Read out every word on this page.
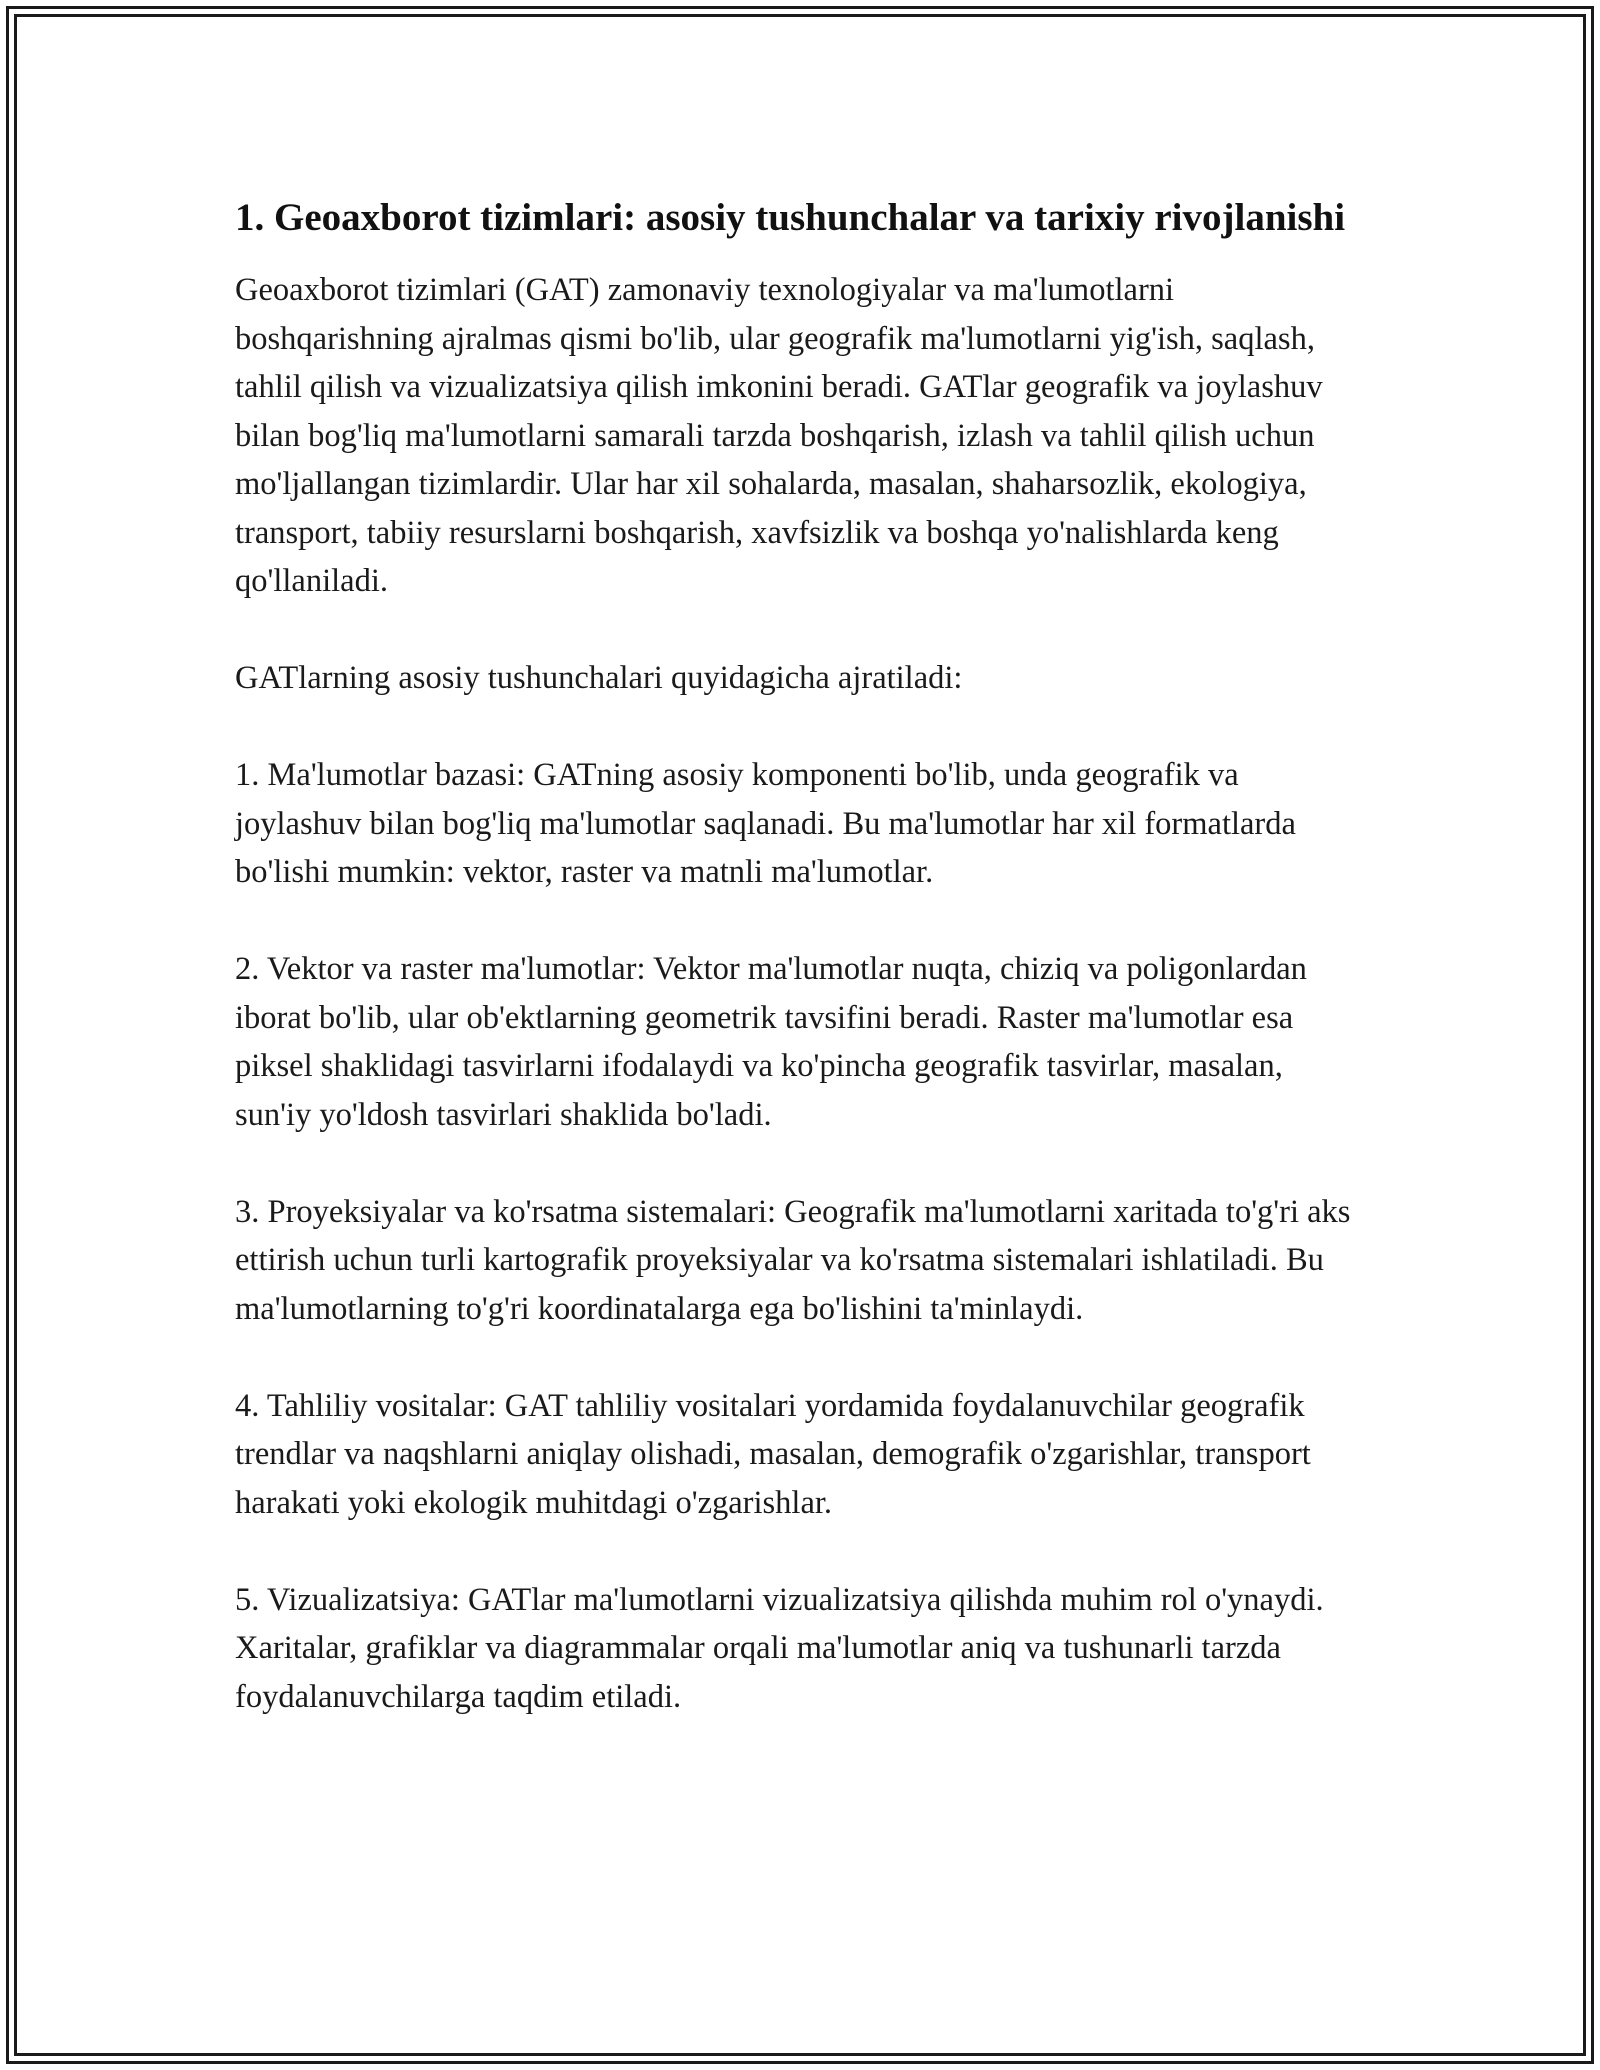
1. Geoaxborot tizimlari: asosiy tushunchalar va tarixiy rivojlanishi

Geoaxborot tizimlari (GAT) zamonaviy texnologiyalar va ma'lumotlarni boshqarishning ajralmas qismi bo'lib, ular geografik ma'lumotlarni yig'ish, saqlash, tahlil qilish va vizualizatsiya qilish imkonini beradi. GATlar geografik va joylashuv bilan bog'liq ma'lumotlarni samarali tarzda boshqarish, izlash va tahlil qilish uchun mo'ljallangan tizimlardir. Ular har xil sohalarda, masalan, shaharsozlik, ekologiya, transport, tabiiy resurslarni boshqarish, xavfsizlik va boshqa yo'nalishlarda keng qo'llaniladi.

GATlarning asosiy tushunchalari quyidagicha ajratiladi:

1. Ma'lumotlar bazasi: GATning asosiy komponenti bo'lib, unda geografik va joylashuv bilan bog'liq ma'lumotlar saqlanadi. Bu ma'lumotlar har xil formatlarda bo'lishi mumkin: vektor, raster va matnli ma'lumotlar.

2. Vektor va raster ma'lumotlar: Vektor ma'lumotlar nuqta, chiziq va poligonlardan iborat bo'lib, ular ob'ektlarning geometrik tavsifini beradi. Raster ma'lumotlar esa piksel shaklidagi tasvirlarni ifodalaydi va ko'pincha geografik tasvirlar, masalan, sun'iy yo'ldosh tasvirlari shaklida bo'ladi.

3. Proyeksiyalar va ko'rsatma sistemalari: Geografik ma'lumotlarni xaritada to'g'ri aks ettirish uchun turli kartografik proyeksiyalar va ko'rsatma sistemalari ishlatiladi. Bu ma'lumotlarning to'g'ri koordinatalarga ega bo'lishini ta'minlaydi.

4. Tahliliy vositalar: GAT tahliliy vositalari yordamida foydalanuvchilar geografik trendlar va naqshlarni aniqlay olishadi, masalan, demografik o'zgarishlar, transport harakati yoki ekologik muhitdagi o'zgarishlar.

5. Vizualizatsiya: GATlar ma'lumotlarni vizualizatsiya qilishda muhim rol o'ynaydi. Xaritalar, grafiklar va diagrammalar orqali ma'lumotlar aniq va tushunarli tarzda foydalanuvchilarga taqdim etiladi.
